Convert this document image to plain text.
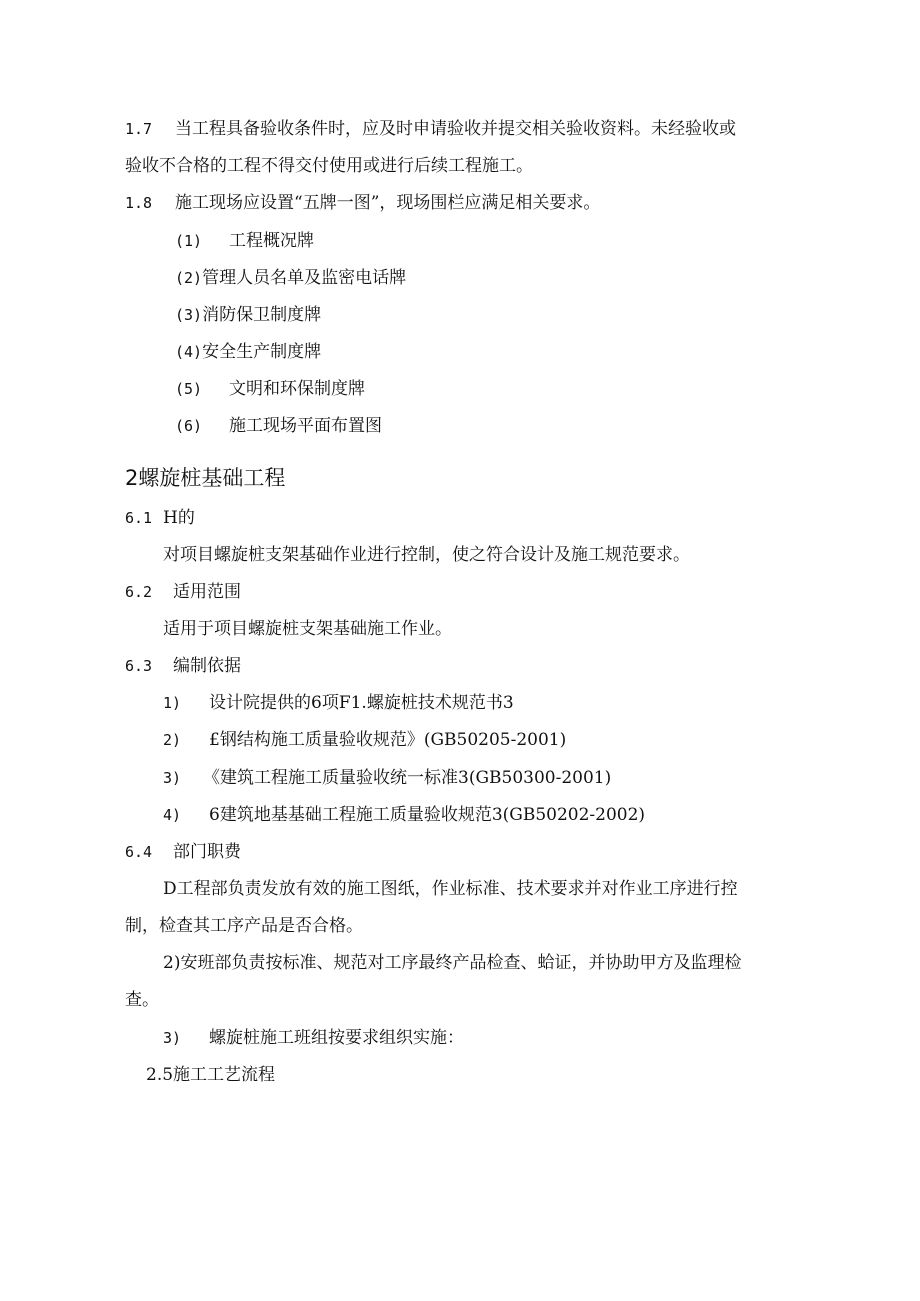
1.7 当工程具备验收条件时，应及时申请验收并提交相关验收资料。未经验收或
验收不合格的工程不得交付使用或进行后续工程施工。
1.8 施工现场应设置“五牌一图”，现场围栏应满足相关要求。
(1) 工程概况牌
(2)管理人员名单及监密电话牌
(3)消防保卫制度牌
(4)安全生产制度牌
(5) 文明和环保制度牌
(6) 施工现场平面布置图
2螺旋桩基础工程
6.1 H的
对项目螺旋桩支架基础作业进行控制，使之符合设计及施工规范要求。
6.2 适用范围
适用于项目螺旋桩支架基础施工作业。
6.3 编制依据
1) 设计院提供的6项F1.螺旋桩技术规范书3
2) £钢结构施工质量验收规范》(GB50205-2001)
3) 《建筑工程施工质量验收统一标准3(GB50300-2001)
4) 6建筑地基基础工程施工质量验收规范3(GB50202-2002)
6.4 部门职费
D工程部负责发放有效的施工图纸，作业标准、技术要求并对作业工序进行控
制，检查其工序产品是否合格。
2)安班部负责按标准、规范对工序最终产品检查、蛤证，并协助甲方及监理检
查。
3) 螺旋桩施工班组按要求组织实施：
2.5施工工艺流程
